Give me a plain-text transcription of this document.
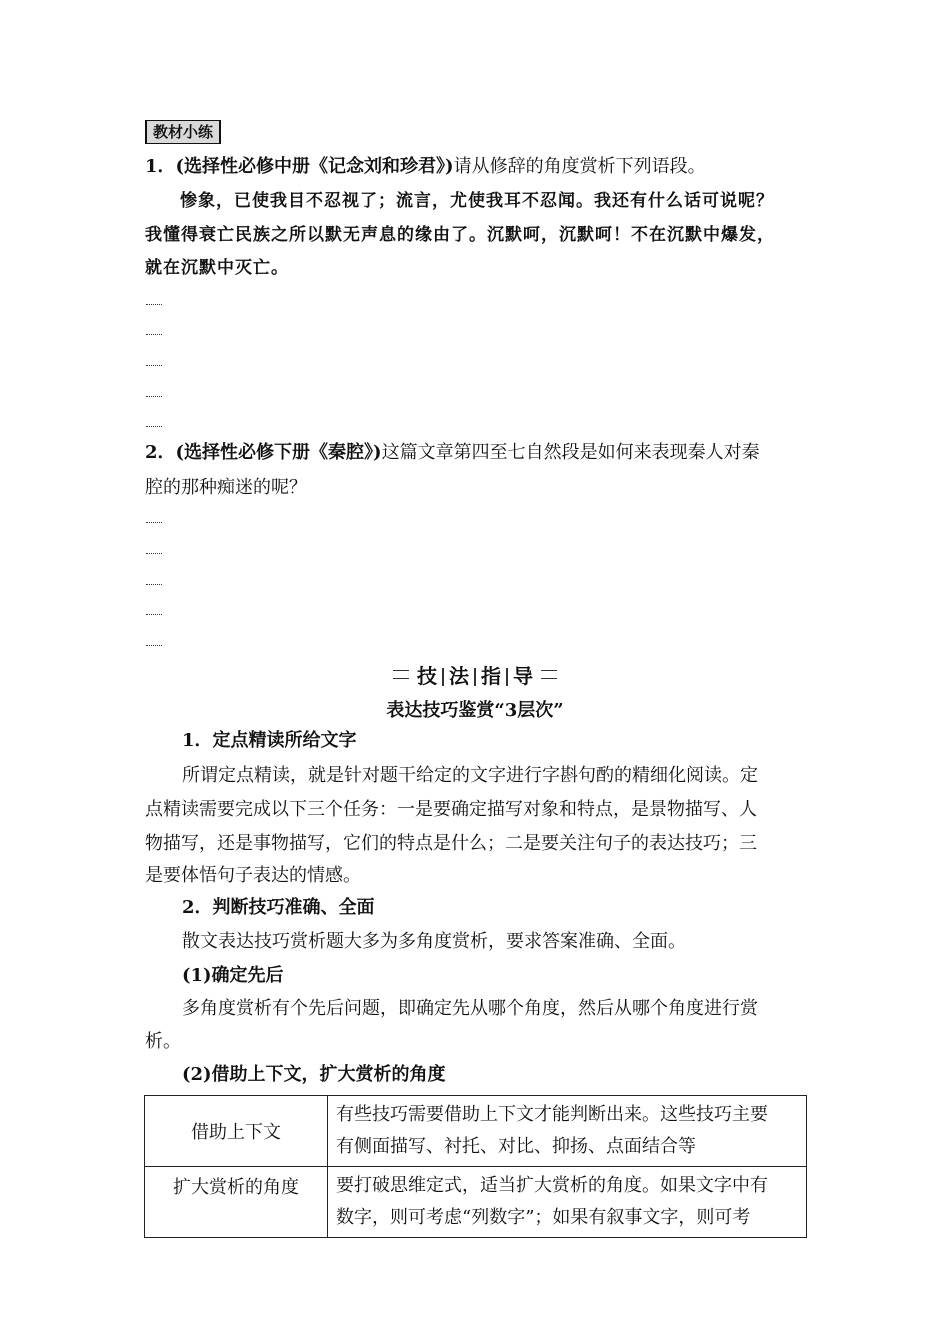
教材小练
1．(选择性必修中册《记念刘和珍君》)请从修辞的角度赏析下列语段。
惨象，已使我目不忍视了；流言，尤使我耳不忍闻。我还有什么话可说呢？
我懂得衰亡民族之所以默无声息的缘由了。沉默呵，沉默呵！不在沉默中爆发，
就在沉默中灭亡。
2．(选择性必修下册《秦腔》)这篇文章第四至七自然段是如何来表现秦人对秦
腔的那种痴迷的呢？
技 法 指 导
表达技巧鉴赏“3层次”
1．定点精读所给文字
所谓定点精读，就是针对题干给定的文字进行字斟句酌的精细化阅读。定
点精读需要完成以下三个任务：一是要确定描写对象和特点，是景物描写、人
物描写，还是事物描写，它们的特点是什么；二是要关注句子的表达技巧；三
是要体悟句子表达的情感。
2．判断技巧准确、全面
散文表达技巧赏析题大多为多角度赏析，要求答案准确、全面。
(1)确定先后
多角度赏析有个先后问题，即确定先从哪个角度，然后从哪个角度进行赏
析。
(2)借助上下文，扩大赏析的角度
借助上下文	有些技巧需要借助上下文才能判断出来。这些技巧主要
有侧面描写、衬托、对比、抑扬、点面结合等

扩大赏析的角度	要打破思维定式，适当扩大赏析的角度。如果文字中有
数字，则可考虑“列数字”；如果有叙事文字，则可考
